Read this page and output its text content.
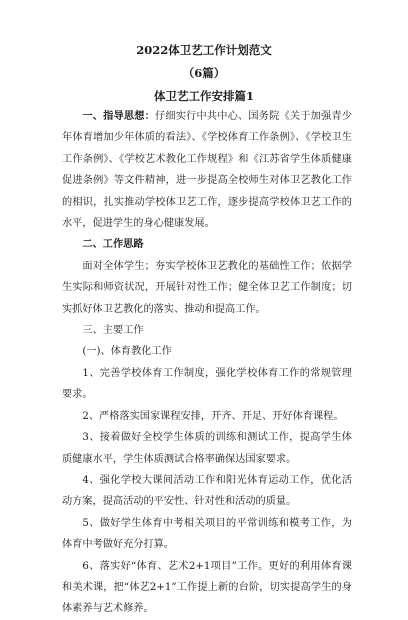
2022体卫艺工作计划范文
（6篇）
体卫艺工作安排篇1

一、指导思想：仔细实行中共中心、国务院《关于加强青少年体育增加少年体质的看法》、《学校体育工作条例》、《学校卫生工作条例》、《学校艺术教化工作规程》和《江苏省学生体质健康促进条例》等文件精神，进一步提高全校师生对体卫艺教化工作的相识，扎实推动学校体卫艺工作，逐步提高学校体卫艺工作的水平，促进学生的身心健康发展。

二、工作思路

面对全体学生；夯实学校体卫艺教化的基础性工作；依据学生实际和师资状况，开展针对性工作；健全体卫艺工作制度；切实抓好体卫艺教化的落实、推动和提高工作。

三、主要工作

(一)、体育教化工作

1、完善学校体育工作制度，强化学校体育工作的常规管理要求。

2、严格落实国家课程安排，开齐、开足、开好体育课程。

3、接着做好全校学生体质的训练和测试工作，提高学生体质健康水平，学生体质测试合格率确保达国家要求。

4、强化学校大课间活动工作和阳光体育运动工作，优化活动方案，提高活动的平安性、针对性和活动的质量。

5、做好学生体育中考相关项目的平常训练和模考工作，为体育中考做好充分打算。

6、落实好“体育、艺术2+1项目”工作。更好的利用体育课和美术课，把“体艺2+1”工作提上新的台阶，切实提高学生的身体素养与艺术修养。
